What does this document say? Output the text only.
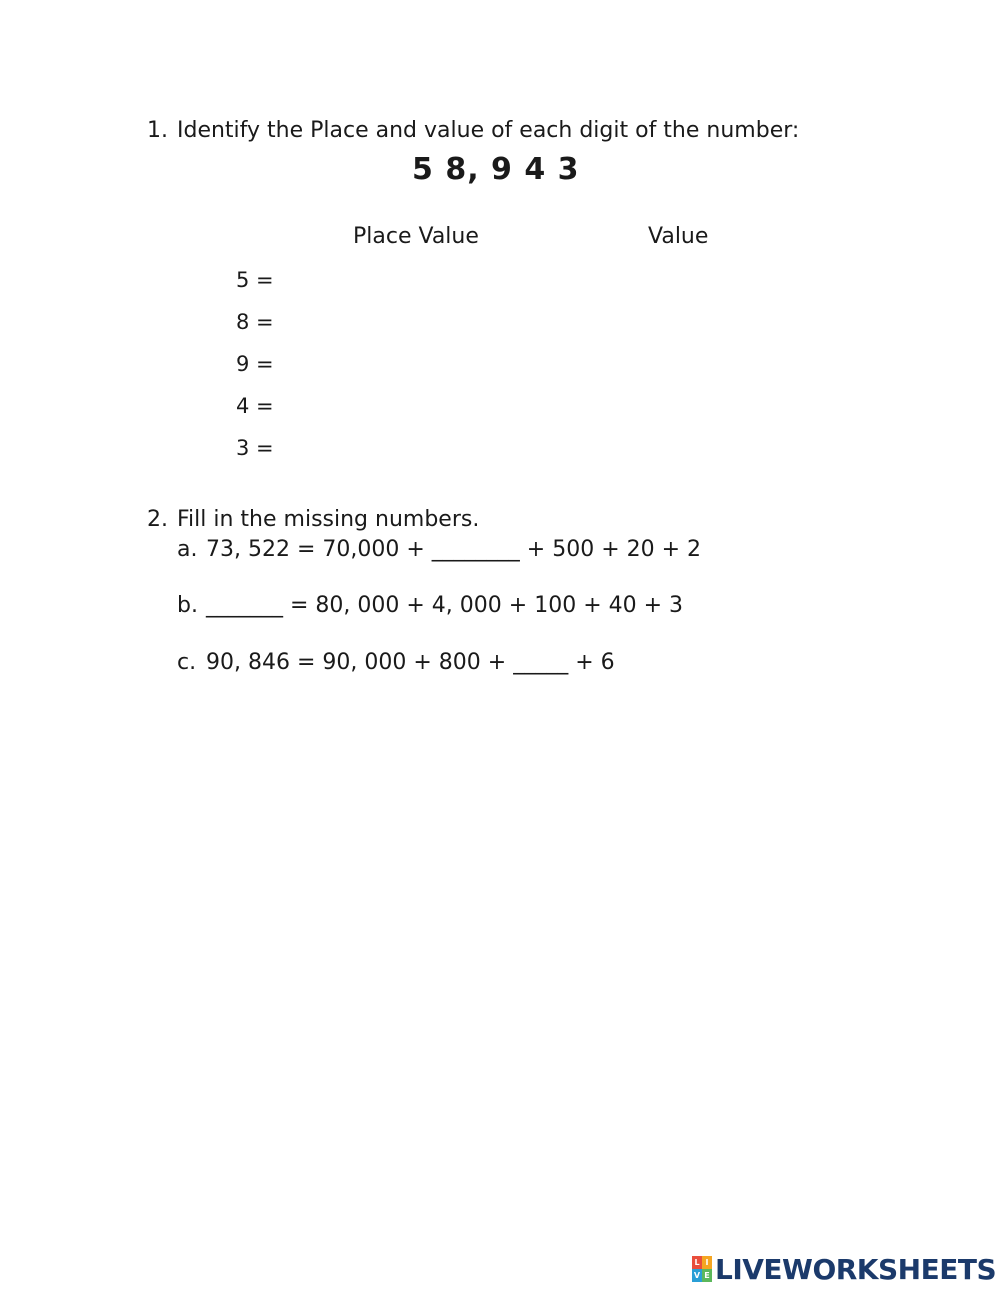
1. Identify the Place and value of each digit of the number:
5 8, 9 4 3
Place Value	Value
5 =
8 =
9 =
4 =
3 =
2. Fill in the missing numbers.
a. 73, 522 = 70,000 + ________ + 500 + 20 + 2
b. _______ = 80, 000 + 4, 000 + 100 + 40 + 3
c. 90, 846 = 90, 000 + 800 + _____ + 6
L I
V E LIVEWORKSHEETS
